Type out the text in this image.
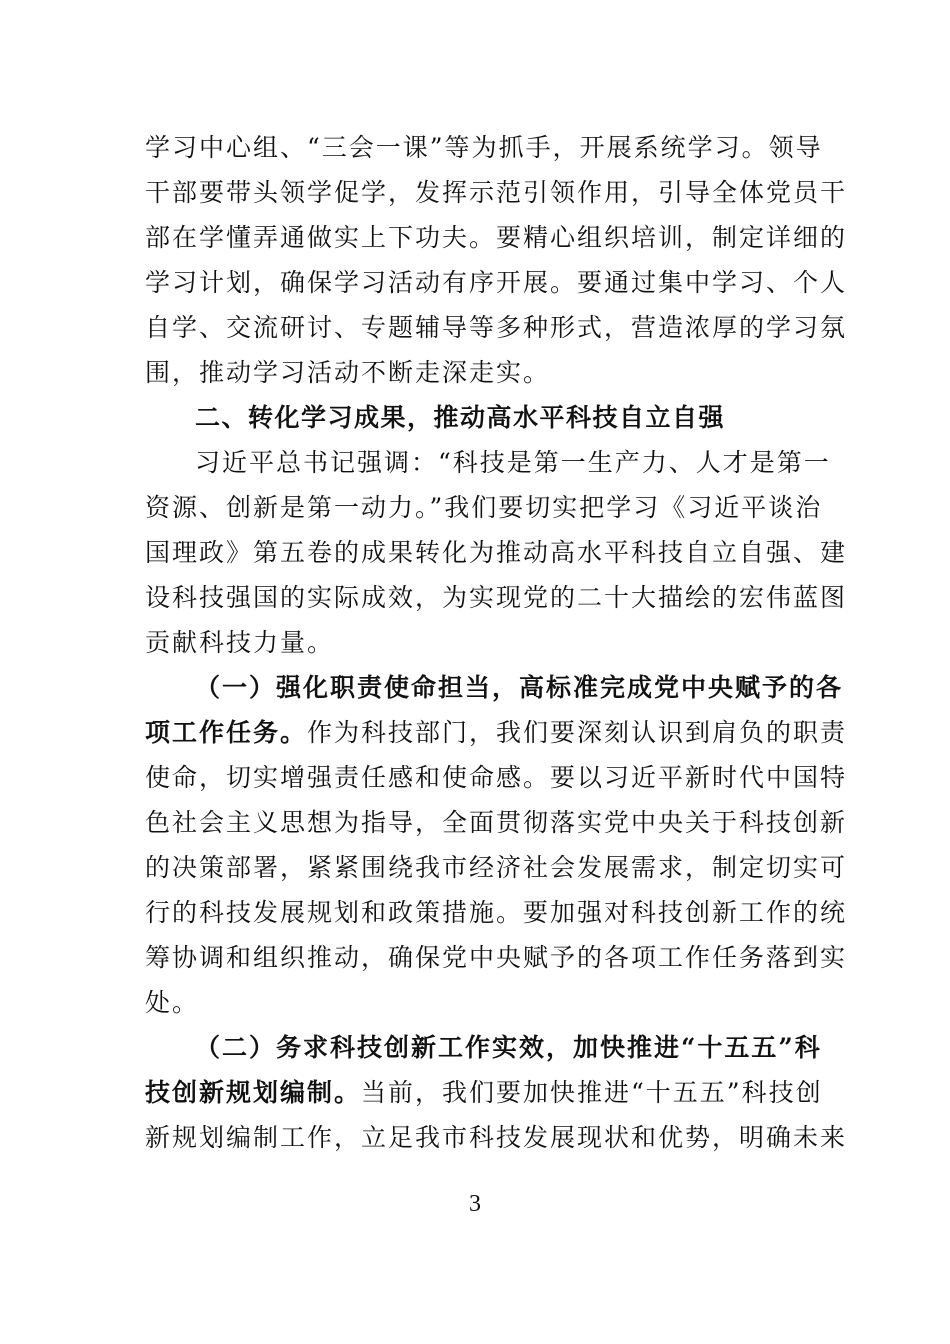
学习中心组、“三会一课”等为抓手，开展系统学习。领导
干部要带头领学促学，发挥示范引领作用，引导全体党员干
部在学懂弄通做实上下功夫。要精心组织培训，制定详细的
学习计划，确保学习活动有序开展。要通过集中学习、个人
自学、交流研讨、专题辅导等多种形式，营造浓厚的学习氛
围，推动学习活动不断走深走实。
二、转化学习成果，推动高水平科技自立自强
习近平总书记强调：“科技是第一生产力、人才是第一
资源、创新是第一动力。”我们要切实把学习《习近平谈治
国理政》第五卷的成果转化为推动高水平科技自立自强、建
设科技强国的实际成效，为实现党的二十大描绘的宏伟蓝图
贡献科技力量。
（一）强化职责使命担当，高标准完成党中央赋予的各
项工作任务。作为科技部门，我们要深刻认识到肩负的职责
使命，切实增强责任感和使命感。要以习近平新时代中国特
色社会主义思想为指导，全面贯彻落实党中央关于科技创新
的决策部署，紧紧围绕我市经济社会发展需求，制定切实可
行的科技发展规划和政策措施。要加强对科技创新工作的统
筹协调和组织推动，确保党中央赋予的各项工作任务落到实
处。
（二）务求科技创新工作实效，加快推进“十五五”科
技创新规划编制。当前，我们要加快推进“十五五”科技创
新规划编制工作，立足我市科技发展现状和优势，明确未来
3
